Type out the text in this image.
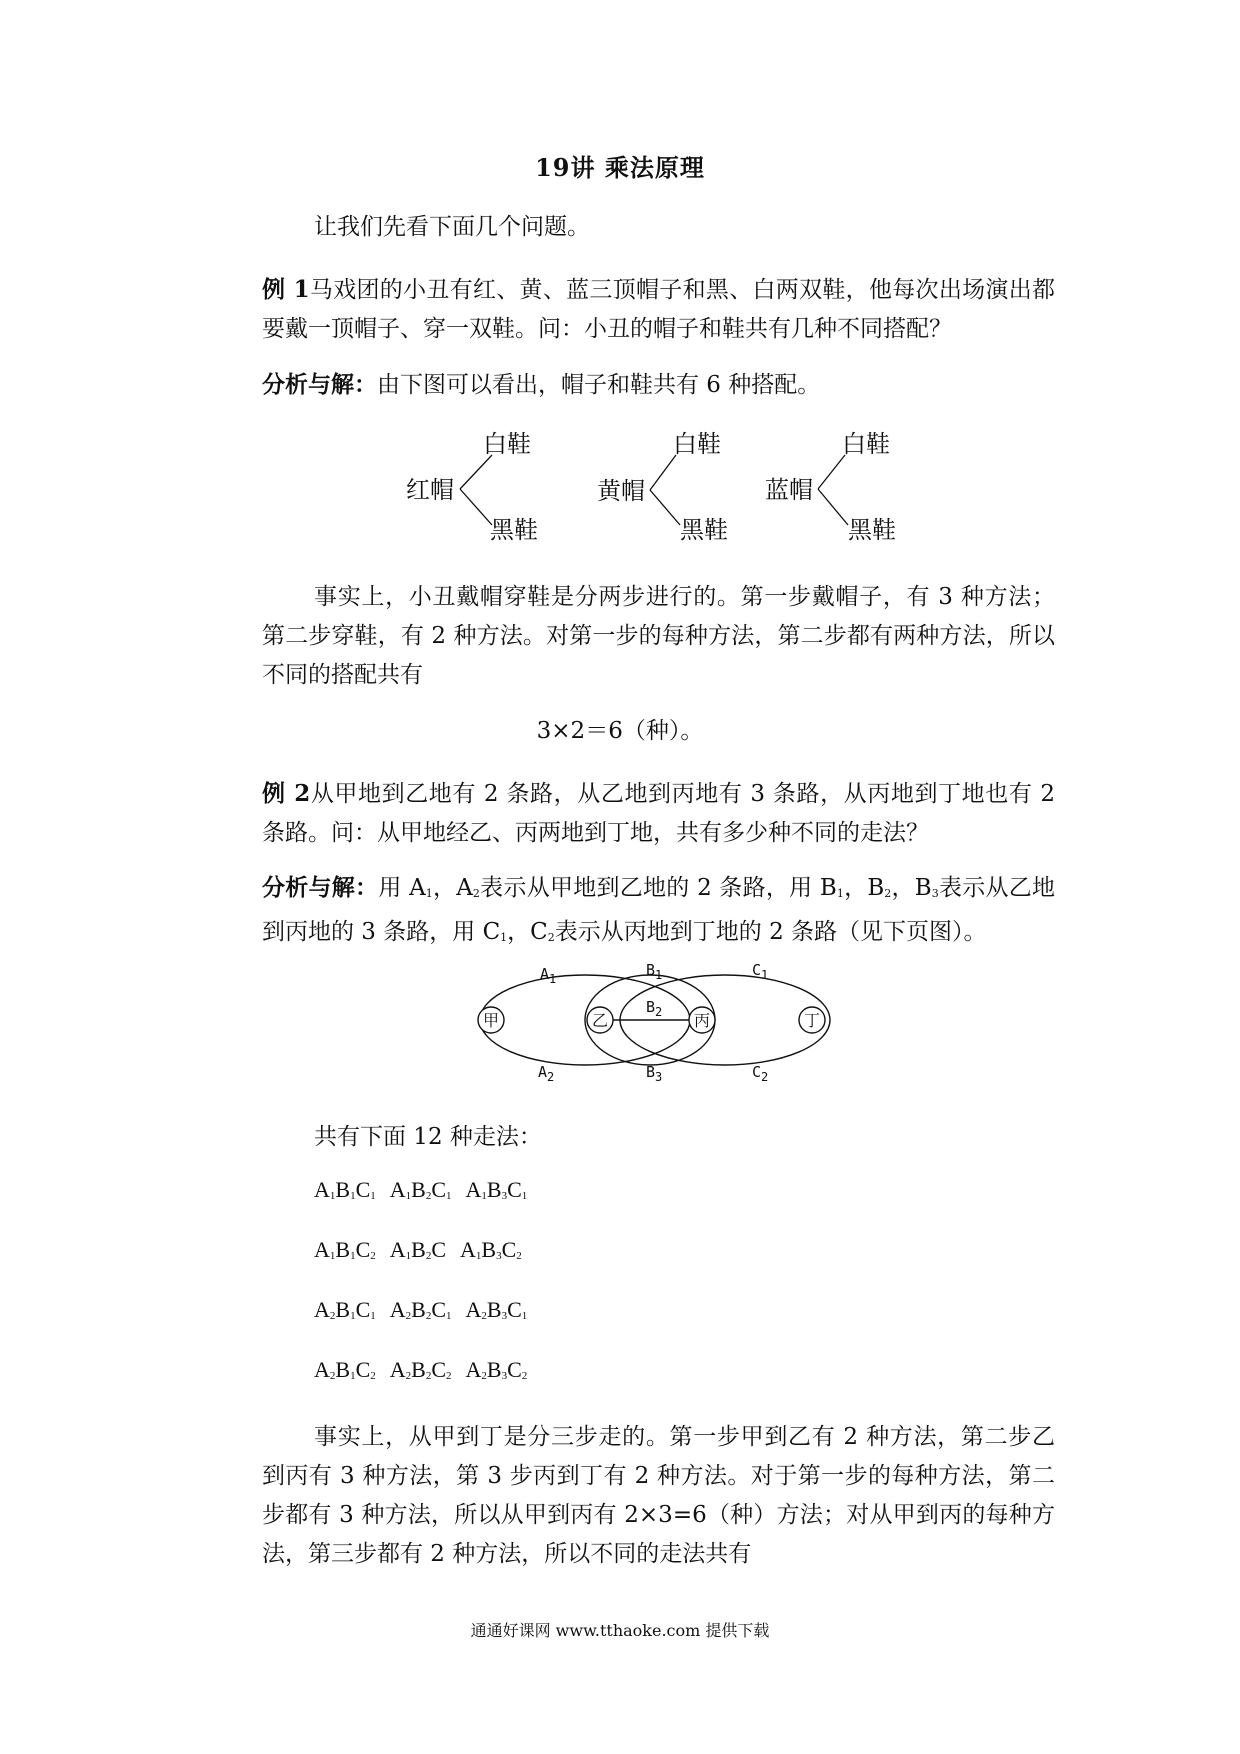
19讲 乘法原理
让我们先看下面几个问题。
例 1马戏团的小丑有红、黄、蓝三顶帽子和黑、白两双鞋，他每次出场演出都要戴一顶帽子、穿一双鞋。问：小丑的帽子和鞋共有几种不同搭配？
分析与解：由下图可以看出，帽子和鞋共有 6 种搭配。
红帽
白鞋
黑鞋
黄帽
白鞋
黑鞋
蓝帽
白鞋
黑鞋
事实上，小丑戴帽穿鞋是分两步进行的。第一步戴帽子，有 3 种方法；第二步穿鞋，有 2 种方法。对第一步的每种方法，第二步都有两种方法，所以不同的搭配共有
3×2＝6（种）。
例 2从甲地到乙地有 2 条路，从乙地到丙地有 3 条路，从丙地到丁地也有 2 条路。问：从甲地经乙、丙两地到丁地，共有多少种不同的走法？
分析与解：用 $A_1$，$A_2$表示从甲地到乙地的 2 条路，用 $B_1$，$B_2$，$B_3$表示从乙地到丙地的 3 条路，用 $C_1$，$C_2$表示从丙地到丁地的 2 条路（见下页图）。
甲	乙	丙	丁
$A_1$
$A_2$
$B_1$
$B_2$
$B_3$
$C_1$
$C_2$
共有下面 12 种走法：
$A_1B_1C_1$ $A_1B_2C_1$ $A_1B_3C_1$
$A_1B_1C_2$ $A_1B_2C$ $A_1B_3C_2$
$A_2B_1C_1$ $A_2B_2C_1$ $A_2B_3C_1$
$A_2B_1C_2$ $A_2B_2C_2$ $A_2B_3C_2$
事实上，从甲到丁是分三步走的。第一步甲到乙有 2 种方法，第二步乙到丙有 3 种方法，第 3 步丙到丁有 2 种方法。对于第一步的每种方法，第二步都有 3 种方法，所以从甲到丙有 2×3=6（种）方法；对从甲到丙的每种方法，第三步都有 2 种方法，所以不同的走法共有
通通好课网 www.tthaoke.com 提供下载
